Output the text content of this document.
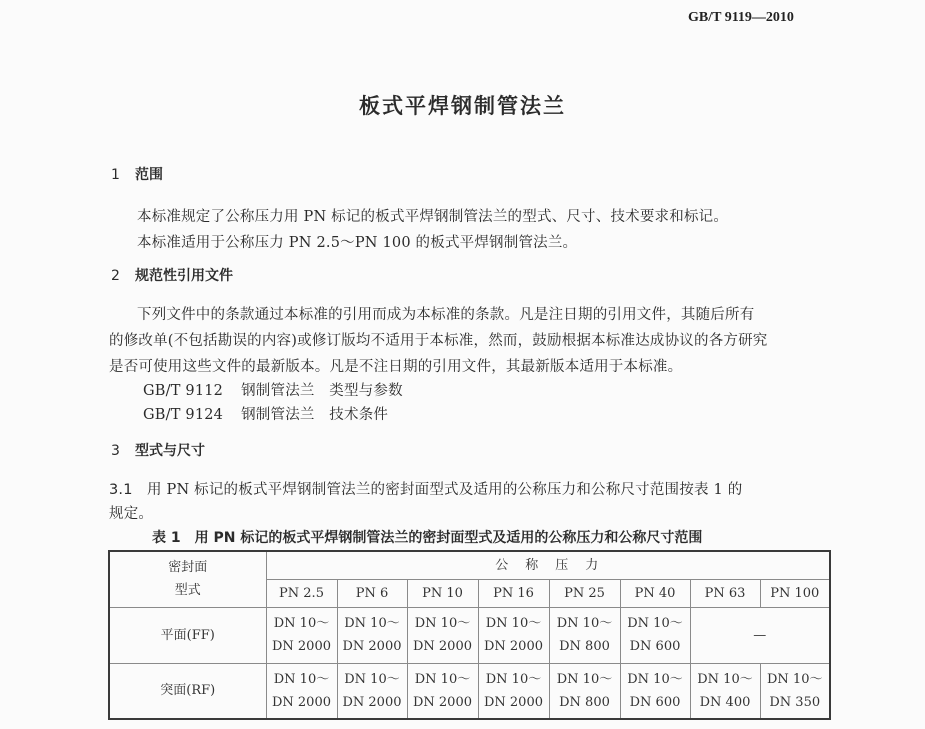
GB/T 9119—2010
板式平焊钢制管法兰
1 范围
本标准规定了公称压力用 PN 标记的板式平焊钢制管法兰的型式、尺寸、技术要求和标记。
本标准适用于公称压力 PN 2.5～PN 100 的板式平焊钢制管法兰。
2 规范性引用文件
下列文件中的条款通过本标准的引用而成为本标准的条款。凡是注日期的引用文件，其随后所有
的修改单(不包括勘误的内容)或修订版均不适用于本标准，然而，鼓励根据本标准达成协议的各方研究
是否可使用这些文件的最新版本。凡是不注日期的引用文件，其最新版本适用于本标准。
GB/T 9112 钢制管法兰　类型与参数
GB/T 9124 钢制管法兰　技术条件
3 型式与尺寸
3.1 用 PN 标记的板式平焊钢制管法兰的密封面型式及适用的公称压力和公称尺寸范围按表 1 的
规定。
表 1　用 PN 标记的板式平焊钢制管法兰的密封面型式及适用的公称压力和公称尺寸范围
密封面
型式	公　称　压　力							
	PN 2.5	PN 6	PN 10	PN 16	PN 25	PN 40	PN 63	PN 100
平面(FF)	DN 10～
DN 2000	DN 10～
DN 2000	DN 10～
DN 2000	DN 10～
DN 2000	DN 10～
DN 800	DN 10～
DN 600	—	
突面(RF)	DN 10～
DN 2000	DN 10～
DN 2000	DN 10～
DN 2000	DN 10～
DN 2000	DN 10～
DN 800	DN 10～
DN 600	DN 10～
DN 400	DN 10～
DN 350
